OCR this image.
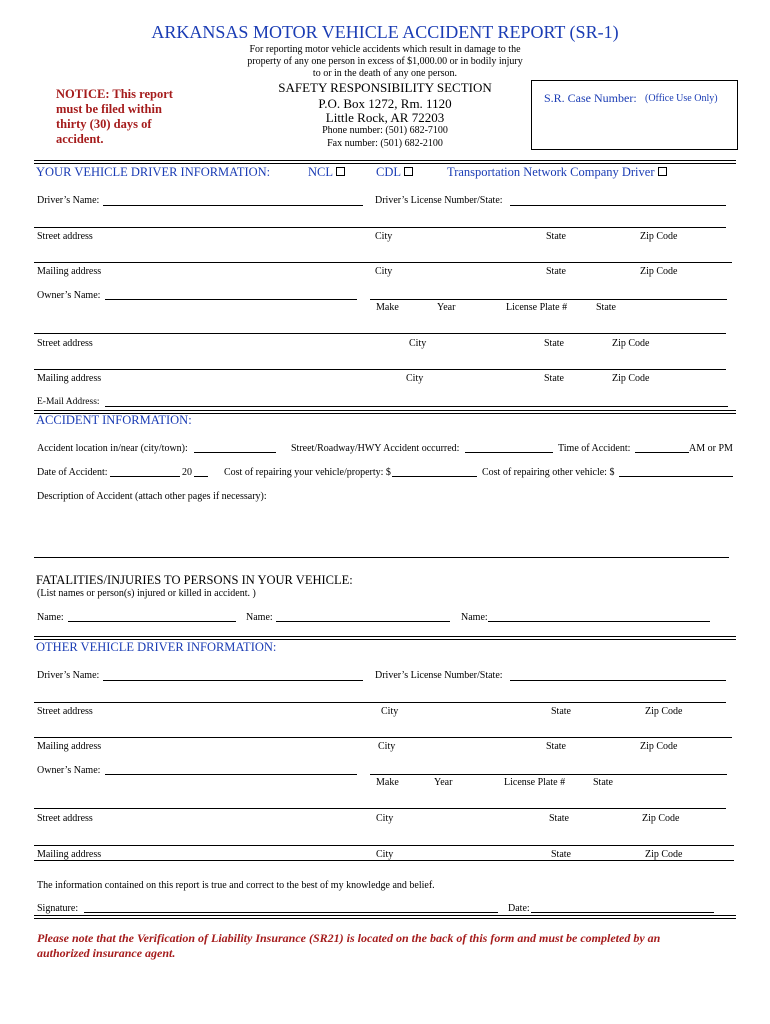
ARKANSAS MOTOR VEHICLE ACCIDENT REPORT (SR-1)
For reporting motor vehicle accidents which result in damage to the
property of any one person in excess of $1,000.00 or in bodily injury
to or in the death of any one person.
SAFETY RESPONSIBILITY SECTION
P.O. Box 1272, Rm. 1120
Little Rock, AR 72203
Phone number: (501) 682-7100
Fax number: (501) 682-2100
NOTICE: This report
must be filed within
thirty (30) days of
accident.
S.R. Case Number: (Office Use Only)
YOUR VEHICLE DRIVER INFORMATION:	NCL	CDL	Transportation Network Company Driver
Driver’s Name:	Driver’s License Number/State:
Street address	City	State	Zip Code
Mailing address	City	State	Zip Code
Owner’s Name:
Make	Year	License Plate #	State
Street address	City	State	Zip Code
Mailing address	City	State	Zip Code
E-Mail Address:
ACCIDENT INFORMATION:
Accident location in/near (city/town):	Street/Roadway/HWY Accident occurred:	Time of Accident:	AM or PM
Date of Accident:	20	Cost of repairing your vehicle/property: $	Cost of repairing other vehicle: $
Description of Accident (attach other pages if necessary):
FATALITIES/INJURIES TO PERSONS IN YOUR VEHICLE:
(List names or person(s) injured or killed in accident. )
Name:	Name:	Name:
OTHER VEHICLE DRIVER INFORMATION:
Driver’s Name:	Driver’s License Number/State:
Street address	City	State	Zip Code
Mailing address	City	State	Zip Code
Owner’s Name:
Make	Year	License Plate #	State
Street address	City	State	Zip Code
Mailing address	City	State	Zip Code
The information contained on this report is true and correct to the best of my knowledge and belief.
Signature:	Date:
Please note that the Verification of Liability Insurance (SR21) is located on the back of this form and must be completed by an
authorized insurance agent.
